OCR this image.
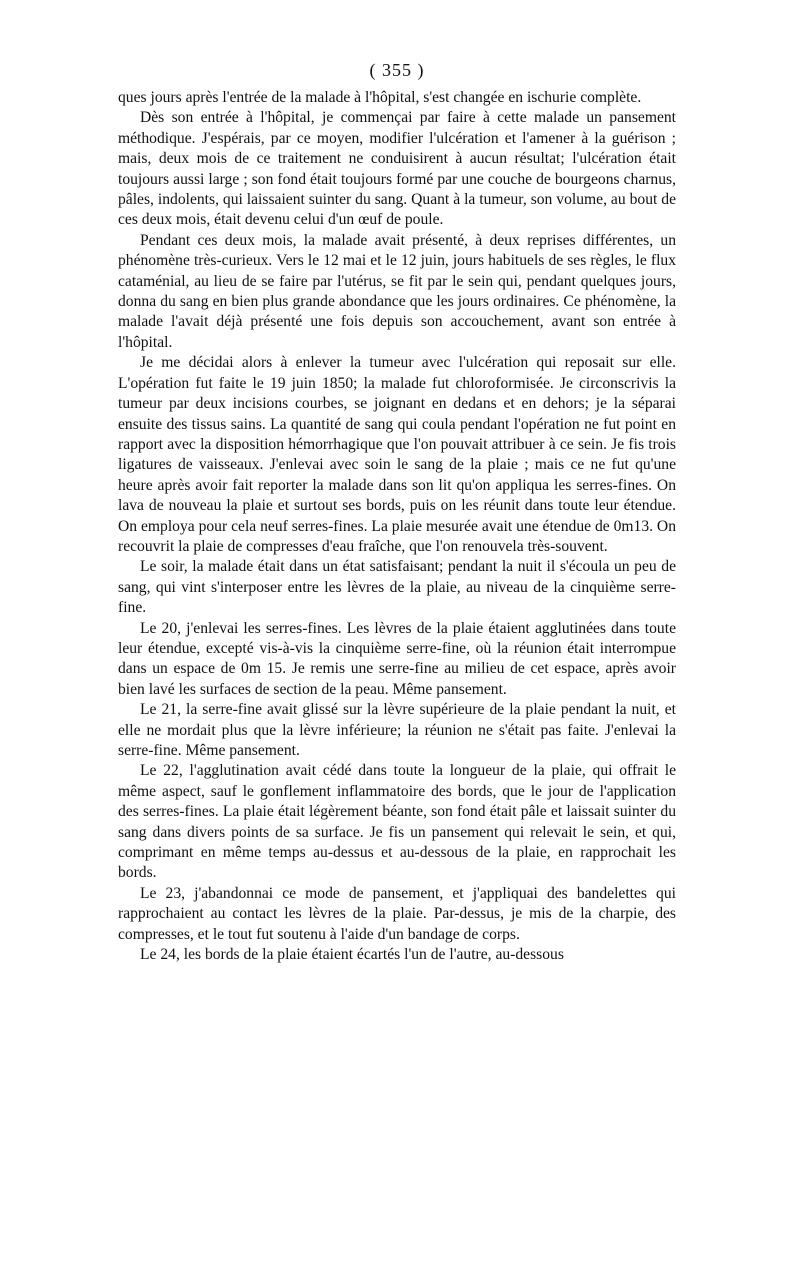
( 355 )

ques jours après l'entrée de la malade à l'hôpital, s'est changée en ischurie complète.

Dès son entrée à l'hôpital, je commençai par faire à cette malade un pansement méthodique. J'espérais, par ce moyen, modifier l'ulcération et l'amener à la guérison ; mais, deux mois de ce traitement ne conduisirent à aucun résultat; l'ulcération était toujours aussi large ; son fond était toujours formé par une couche de bourgeons charnus, pâles, indolents, qui laissaient suinter du sang. Quant à la tumeur, son volume, au bout de ces deux mois, était devenu celui d'un œuf de poule.

Pendant ces deux mois, la malade avait présenté, à deux reprises différentes, un phénomène très-curieux. Vers le 12 mai et le 12 juin, jours habituels de ses règles, le flux cataménial, au lieu de se faire par l'utérus, se fit par le sein qui, pendant quelques jours, donna du sang en bien plus grande abondance que les jours ordinaires. Ce phénomène, la malade l'avait déjà présenté une fois depuis son accouchement, avant son entrée à l'hôpital.

Je me décidai alors à enlever la tumeur avec l'ulcération qui reposait sur elle. L'opération fut faite le 19 juin 1850; la malade fut chloroformisée. Je circonscrivis la tumeur par deux incisions courbes, se joignant en dedans et en dehors; je la séparai ensuite des tissus sains. La quantité de sang qui coula pendant l'opération ne fut point en rapport avec la disposition hémorrhagique que l'on pouvait attribuer à ce sein. Je fis trois ligatures de vaisseaux. J'enlevai avec soin le sang de la plaie ; mais ce ne fut qu'une heure après avoir fait reporter la malade dans son lit qu'on appliqua les serres-fines. On lava de nouveau la plaie et surtout ses bords, puis on les réunit dans toute leur étendue. On employa pour cela neuf serres-fines. La plaie mesurée avait une étendue de 0m13. On recouvrit la plaie de compresses d'eau fraîche, que l'on renouvela très-souvent.

Le soir, la malade était dans un état satisfaisant; pendant la nuit il s'écoula un peu de sang, qui vint s'interposer entre les lèvres de la plaie, au niveau de la cinquième serre-fine.

Le 20, j'enlevai les serres-fines. Les lèvres de la plaie étaient agglutinées dans toute leur étendue, excepté vis-à-vis la cinquième serre-fine, où la réunion était interrompue dans un espace de 0m 15. Je remis une serre-fine au milieu de cet espace, après avoir bien lavé les surfaces de section de la peau. Même pansement.

Le 21, la serre-fine avait glissé sur la lèvre supérieure de la plaie pendant la nuit, et elle ne mordait plus que la lèvre inférieure; la réunion ne s'était pas faite. J'enlevai la serre-fine. Même pansement.

Le 22, l'agglutination avait cédé dans toute la longueur de la plaie, qui offrait le même aspect, sauf le gonflement inflammatoire des bords, que le jour de l'application des serres-fines. La plaie était légèrement béante, son fond était pâle et laissait suinter du sang dans divers points de sa surface. Je fis un pansement qui relevait le sein, et qui, comprimant en même temps au-dessus et au-dessous de la plaie, en rapprochait les bords.

Le 23, j'abandonnai ce mode de pansement, et j'appliquai des bandelettes qui rapprochaient au contact les lèvres de la plaie. Par-dessus, je mis de la charpie, des compresses, et le tout fut soutenu à l'aide d'un bandage de corps.

Le 24, les bords de la plaie étaient écartés l'un de l'autre, au-dessous
